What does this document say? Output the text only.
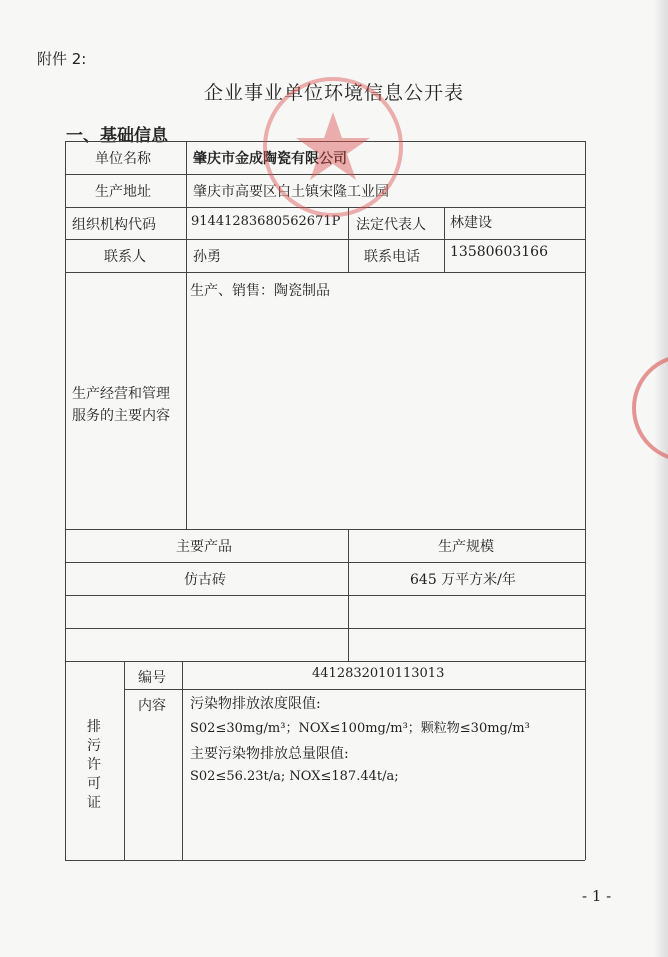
附件 2:
企业事业单位环境信息公开表
一、基础信息
单位名称	肇庆市金成陶瓷有限公司
生产地址	肇庆市高要区白土镇宋隆工业园
组织机构代码	91441283680562671P 法定代表人 林建设
联系人	孙勇	联系电话 13580603166
生产经营和管理
服务的主要内容
生产、销售：陶瓷制品
主要产品	生产规模
仿古砖	645 万平方米/年
排污许可证
编号	4412832010113013
内容 污染物排放浓度限值:
S02≤30mg/m³；NOX≤100mg/m³；颗粒物≤30mg/m³
主要污染物排放总量限值:
S02≤56.23t/a; NOX≤187.44t/a;
- 1 -
